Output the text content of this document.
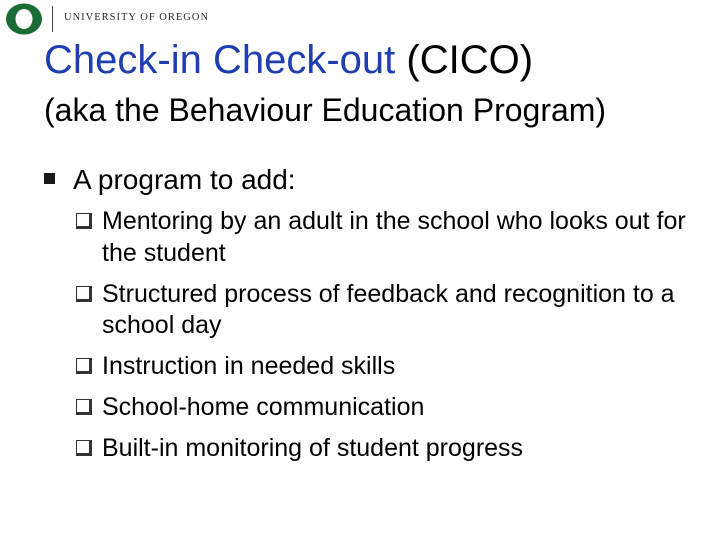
UNIVERSITY OF OREGON
Check-in Check-out (CICO)
(aka the Behaviour Education Program)
A program to add:
Mentoring by an adult in the school who looks out for the student
Structured process of feedback and recognition to a school day
Instruction in needed skills
School-home communication
Built-in monitoring of student progress
